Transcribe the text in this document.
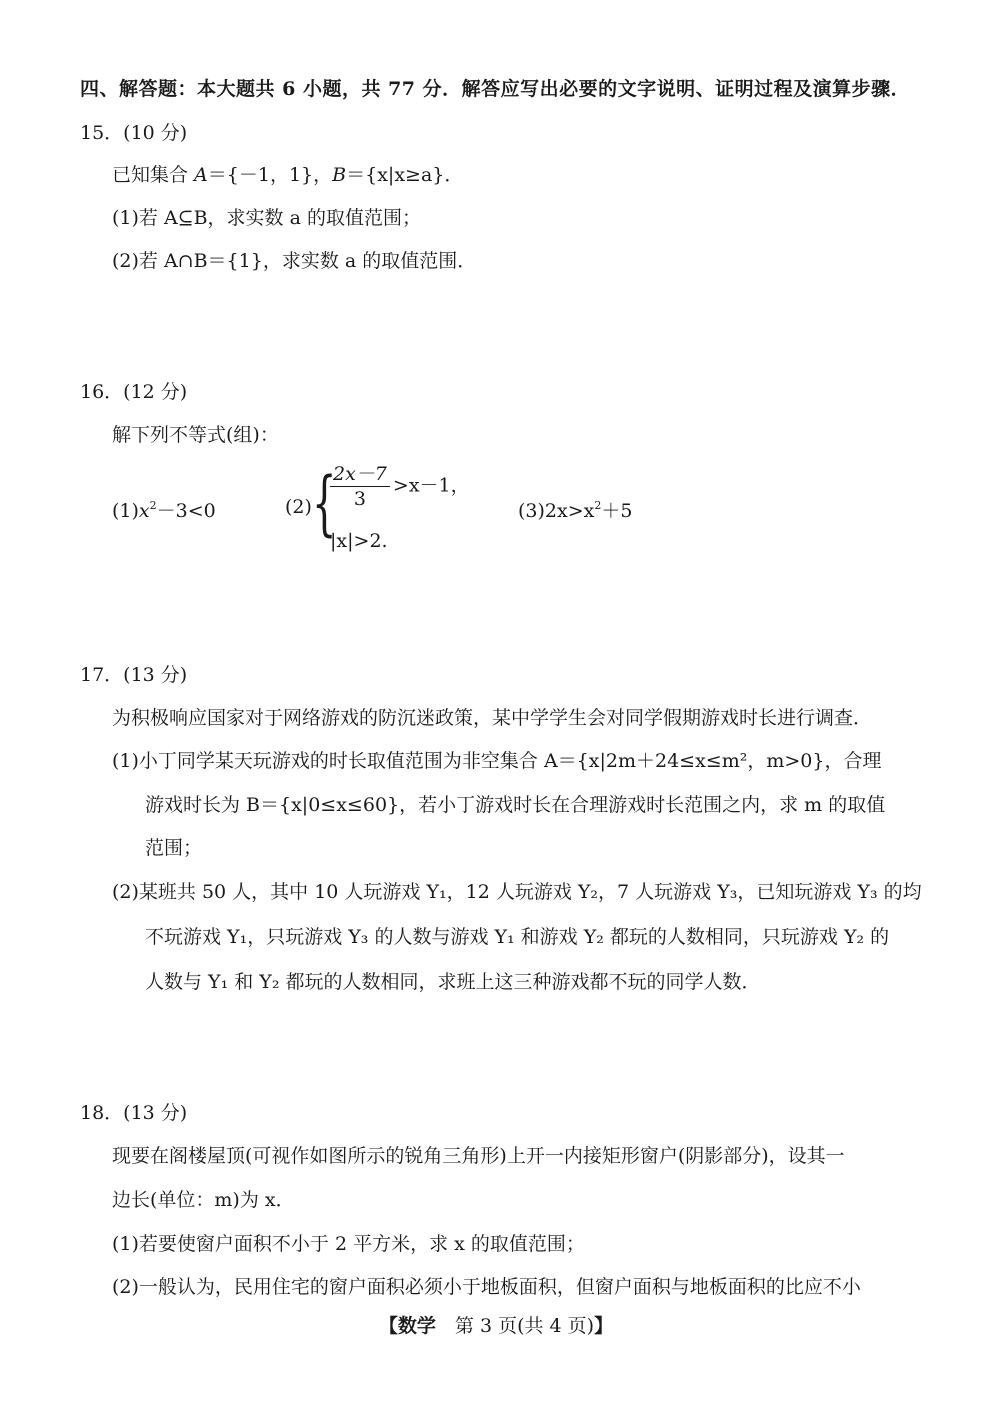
四、解答题：本大题共 6 小题，共 77 分．解答应写出必要的文字说明、证明过程及演算步骤．
15．(10 分)
已知集合 A＝{－1，1}，B＝{x|x≥a}．
(1)若 A⊆B，求实数 a 的取值范围；
(2)若 A∩B＝{1}，求实数 a 的取值范围．
16．(12 分)
解下列不等式(组)：
$(1)x^2-3<0$	(2) {
$\frac{2x-7}{3} >x-1$，
|x|>2.
$(3)2x>x^2+5$
17．(13 分)
为积极响应国家对于网络游戏的防沉迷政策，某中学学生会对同学假期游戏时长进行调查．
(1)小丁同学某天玩游戏的时长取值范围为非空集合 A＝{x|2m＋24≤x≤m²，m>0}，合理
游戏时长为 B＝{x|0≤x≤60}，若小丁游戏时长在合理游戏时长范围之内，求 m 的取值
范围；
(2)某班共 50 人，其中 10 人玩游戏 Y₁，12 人玩游戏 Y₂，7 人玩游戏 Y₃，已知玩游戏 Y₃ 的均
不玩游戏 Y₁，只玩游戏 Y₃ 的人数与游戏 Y₁ 和游戏 Y₂ 都玩的人数相同，只玩游戏 Y₂ 的
人数与 Y₁ 和 Y₂ 都玩的人数相同，求班上这三种游戏都不玩的同学人数．
18．(13 分)
现要在阁楼屋顶(可视作如图所示的锐角三角形)上开一内接矩形窗户(阴影部分)，设其一
边长(单位：m)为 x．
(1)若要使窗户面积不小于 2 平方米，求 x 的取值范围；
(2)一般认为，民用住宅的窗户面积必须小于地板面积，但窗户面积与地板面积的比应不小
【数学　第 3 页(共 4 页)】
